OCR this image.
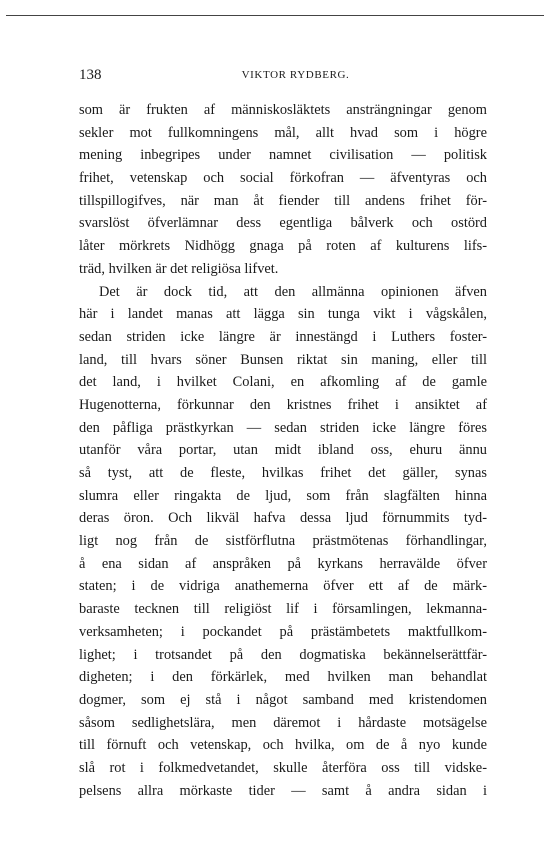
138	VIKTOR RYDBERG.
som är frukten af människosläktets ansträngningar genom
sekler mot fullkomningens mål, allt hvad som i högre
mening inbegripes under namnet civilisation — politisk
frihet, vetenskap och social förkofran — äfventyras och
tillspillogifves, när man åt fiender till andens frihet för-
svarslöst öfverlämnar dess egentliga bålverk och ostörd
låter mörkrets Nidhögg gnaga på roten af kulturens lifs-
träd, hvilken är det religiösa lifvet.
Det är dock tid, att den allmänna opinionen äfven
här i landet manas att lägga sin tunga vikt i vågskålen,
sedan striden icke längre är innestängd i Luthers foster-
land, till hvars söner Bunsen riktat sin maning, eller till
det land, i hvilket Colani, en afkomling af de gamle
Hugenotterna, förkunnar den kristnes frihet i ansiktet af
den påfliga prästkyrkan — sedan striden icke längre föres
utanför våra portar, utan midt ibland oss, ehuru ännu
så tyst, att de fleste, hvilkas frihet det gäller, synas
slumra eller ringakta de ljud, som från slagfälten hinna
deras öron. Och likväl hafva dessa ljud förnummits tyd-
ligt nog från de sistförflutna prästmötenas förhandlingar,
å ena sidan af anspråken på kyrkans herravälde öfver
staten; i de vidriga anathemerna öfver ett af de märk-
baraste tecknen till religiöst lif i församlingen, lekmanna-
verksamheten; i pockandet på prästämbetets maktfullkom-
lighet; i trotsandet på den dogmatiska bekännelserättfär-
digheten; i den förkärlek, med hvilken man behandlat
dogmer, som ej stå i något samband med kristendomen
såsom sedlighetslära, men däremot i hårdaste motsägelse
till förnuft och vetenskap, och hvilka, om de å nyo kunde
slå rot i folkmedvetandet, skulle återföra oss till vidske-
pelsens allra mörkaste tider — samt å andra sidan i
